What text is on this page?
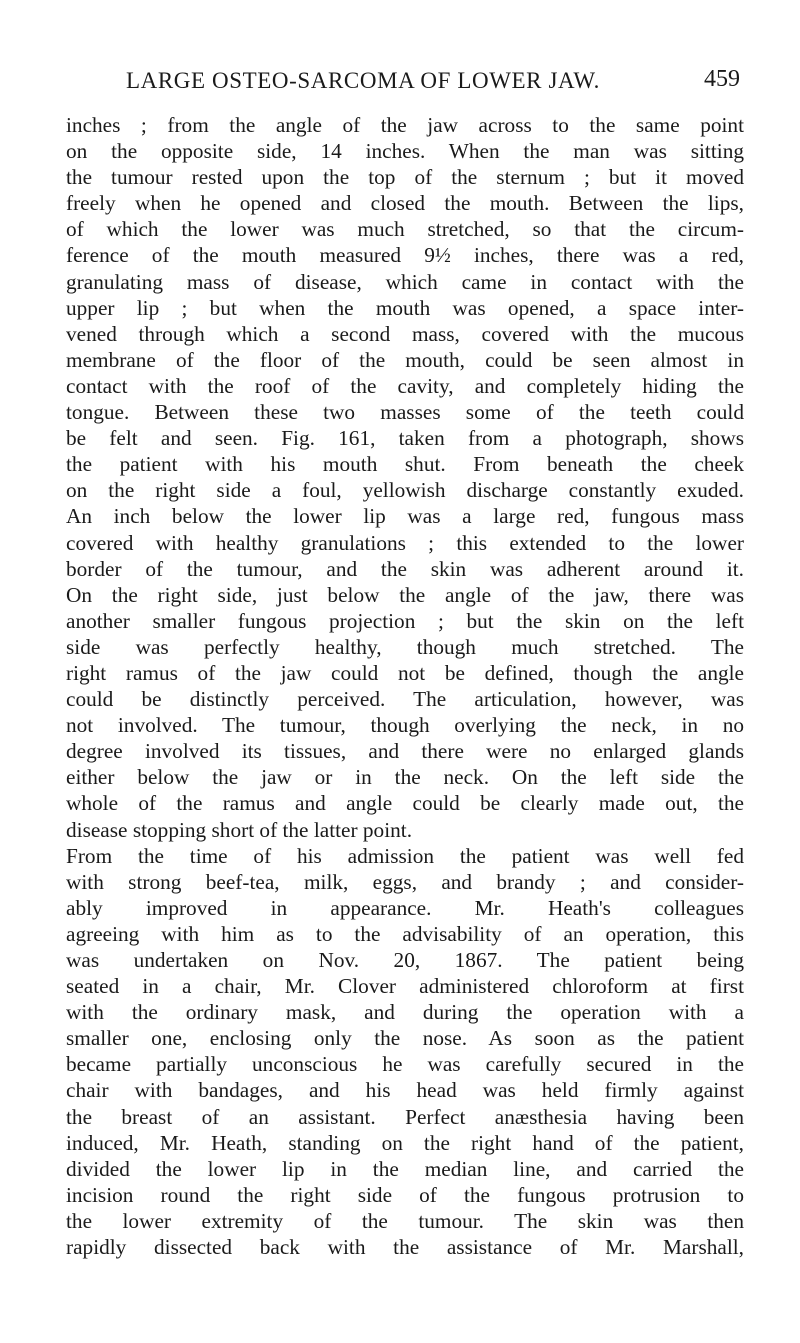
LARGE OSTEO-SARCOMA OF LOWER JAW.	459
inches ; from the angle of the jaw across to the same point
on the opposite side, 14 inches. When the man was sitting
the tumour rested upon the top of the sternum ; but it moved
freely when he opened and closed the mouth. Between the lips,
of which the lower was much stretched, so that the circum-
ference of the mouth measured 9½ inches, there was a red,
granulating mass of disease, which came in contact with the
upper lip ; but when the mouth was opened, a space inter-
vened through which a second mass, covered with the mucous
membrane of the floor of the mouth, could be seen almost in
contact with the roof of the cavity, and completely hiding the
tongue. Between these two masses some of the teeth could
be felt and seen. Fig. 161, taken from a photograph, shows
the patient with his mouth shut. From beneath the cheek
on the right side a foul, yellowish discharge constantly exuded.
An inch below the lower lip was a large red, fungous mass
covered with healthy granulations ; this extended to the lower
border of the tumour, and the skin was adherent around it.
On the right side, just below the angle of the jaw, there was
another smaller fungous projection ; but the skin on the left
side was perfectly healthy, though much stretched. The
right ramus of the jaw could not be defined, though the angle
could be distinctly perceived. The articulation, however, was
not involved. The tumour, though overlying the neck, in no
degree involved its tissues, and there were no enlarged glands
either below the jaw or in the neck. On the left side the
whole of the ramus and angle could be clearly made out, the
disease stopping short of the latter point.
From the time of his admission the patient was well fed
with strong beef-tea, milk, eggs, and brandy ; and consider-
ably improved in appearance. Mr. Heath's colleagues
agreeing with him as to the advisability of an operation, this
was undertaken on Nov. 20, 1867. The patient being
seated in a chair, Mr. Clover administered chloroform at first
with the ordinary mask, and during the operation with a
smaller one, enclosing only the nose. As soon as the patient
became partially unconscious he was carefully secured in the
chair with bandages, and his head was held firmly against
the breast of an assistant. Perfect anæsthesia having been
induced, Mr. Heath, standing on the right hand of the patient,
divided the lower lip in the median line, and carried the
incision round the right side of the fungous protrusion to
the lower extremity of the tumour. The skin was then
rapidly dissected back with the assistance of Mr. Marshall,
